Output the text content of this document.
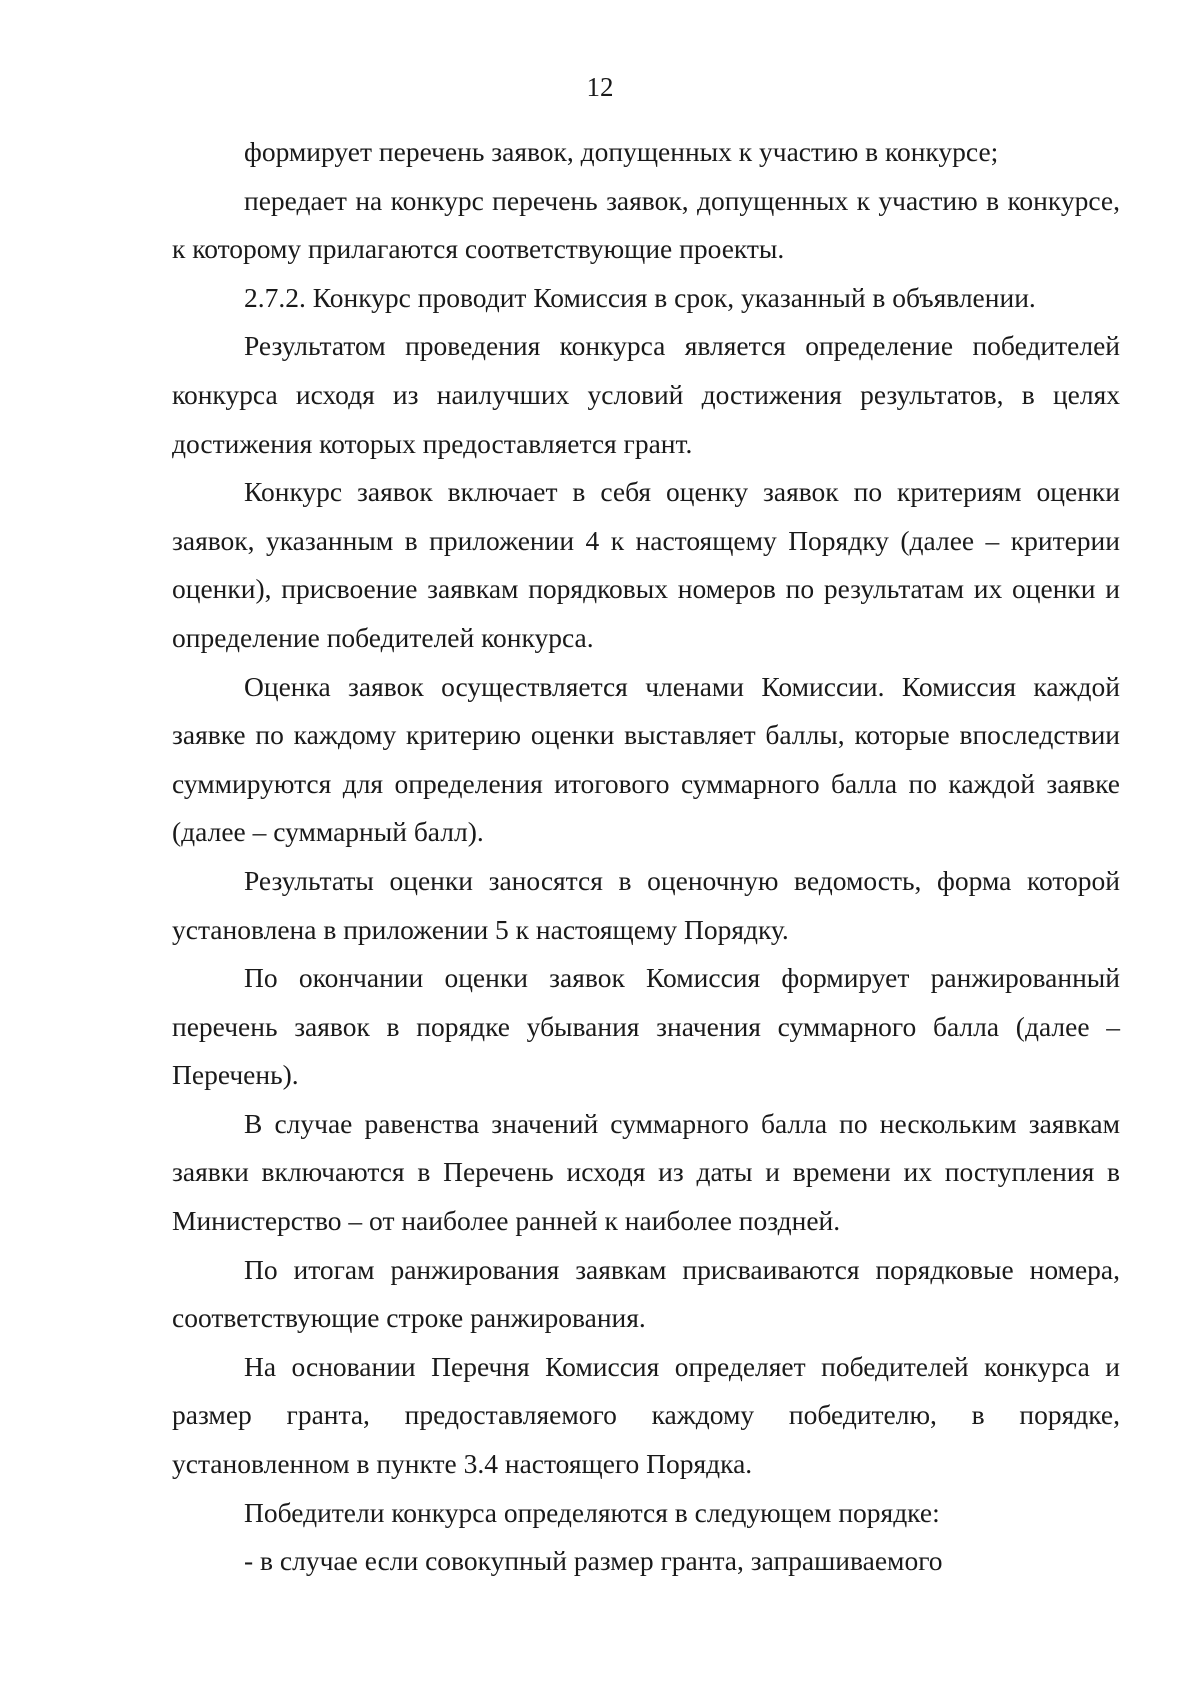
12

формирует перечень заявок, допущенных к участию в конкурсе;

передает на конкурс перечень заявок, допущенных к участию в конкурсе, к которому прилагаются соответствующие проекты.

2.7.2. Конкурс проводит Комиссия в срок, указанный в объявлении.

Результатом проведения конкурса является определение победителей конкурса исходя из наилучших условий достижения результатов, в целях достижения которых предоставляется грант.

Конкурс заявок включает в себя оценку заявок по критериям оценки заявок, указанным в приложении 4 к настоящему Порядку (далее – критерии оценки), присвоение заявкам порядковых номеров по результатам их оценки и определение победителей конкурса.

Оценка заявок осуществляется членами Комиссии. Комиссия каждой заявке по каждому критерию оценки выставляет баллы, которые впоследствии суммируются для определения итогового суммарного балла по каждой заявке (далее – суммарный балл).

Результаты оценки заносятся в оценочную ведомость, форма которой установлена в приложении 5 к настоящему Порядку.

По окончании оценки заявок Комиссия формирует ранжированный перечень заявок в порядке убывания значения суммарного балла (далее – Перечень).

В случае равенства значений суммарного балла по нескольким заявкам заявки включаются в Перечень исходя из даты и времени их поступления в Министерство – от наиболее ранней к наиболее поздней.

По итогам ранжирования заявкам присваиваются порядковые номера, соответствующие строке ранжирования.

На основании Перечня Комиссия определяет победителей конкурса и размер гранта, предоставляемого каждому победителю, в порядке, установленном в пункте 3.4 настоящего Порядка.

Победители конкурса определяются в следующем порядке:

- в случае если совокупный размер гранта, запрашиваемого
